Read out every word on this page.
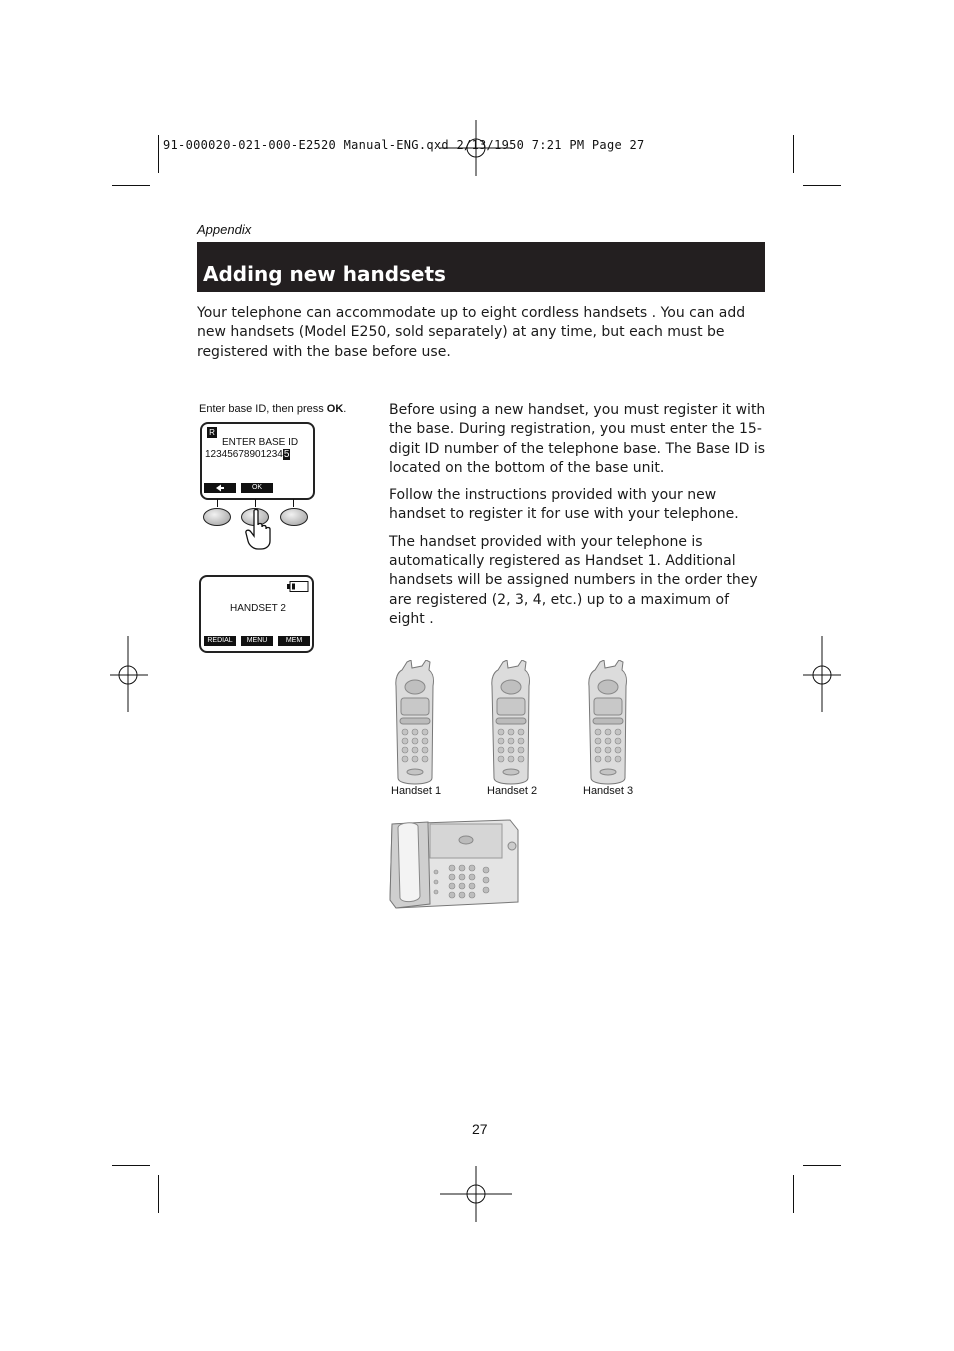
91-000020-021-000-E2520 Manual-ENG.qxd 2/13/1950 7:21 PM Page 27
Appendix
Adding new handsets
Your telephone can accommodate up to eight cordless handsets . You can add new handsets (Model E250, sold separately) at any time, but each must be registered with the base before use.
Enter base ID, then press OK.
R
ENTER BASE ID
123456789012345
OK
HANDSET 2
REDIAL	MENU	MEM

Before using a new handset, you must register it with the base. During registration, you must enter the 15-digit ID number of the telephone base. The Base ID is located on the bottom of the base unit.

Follow the instructions provided with your new handset to register it for use with your telephone.

The handset provided with your telephone is automatically registered as Handset 1. Additional handsets will be assigned numbers in the order they are registered (2, 3, 4, etc.) up to a maximum of eight .

Handset 1	Handset 2	Handset 3
27
